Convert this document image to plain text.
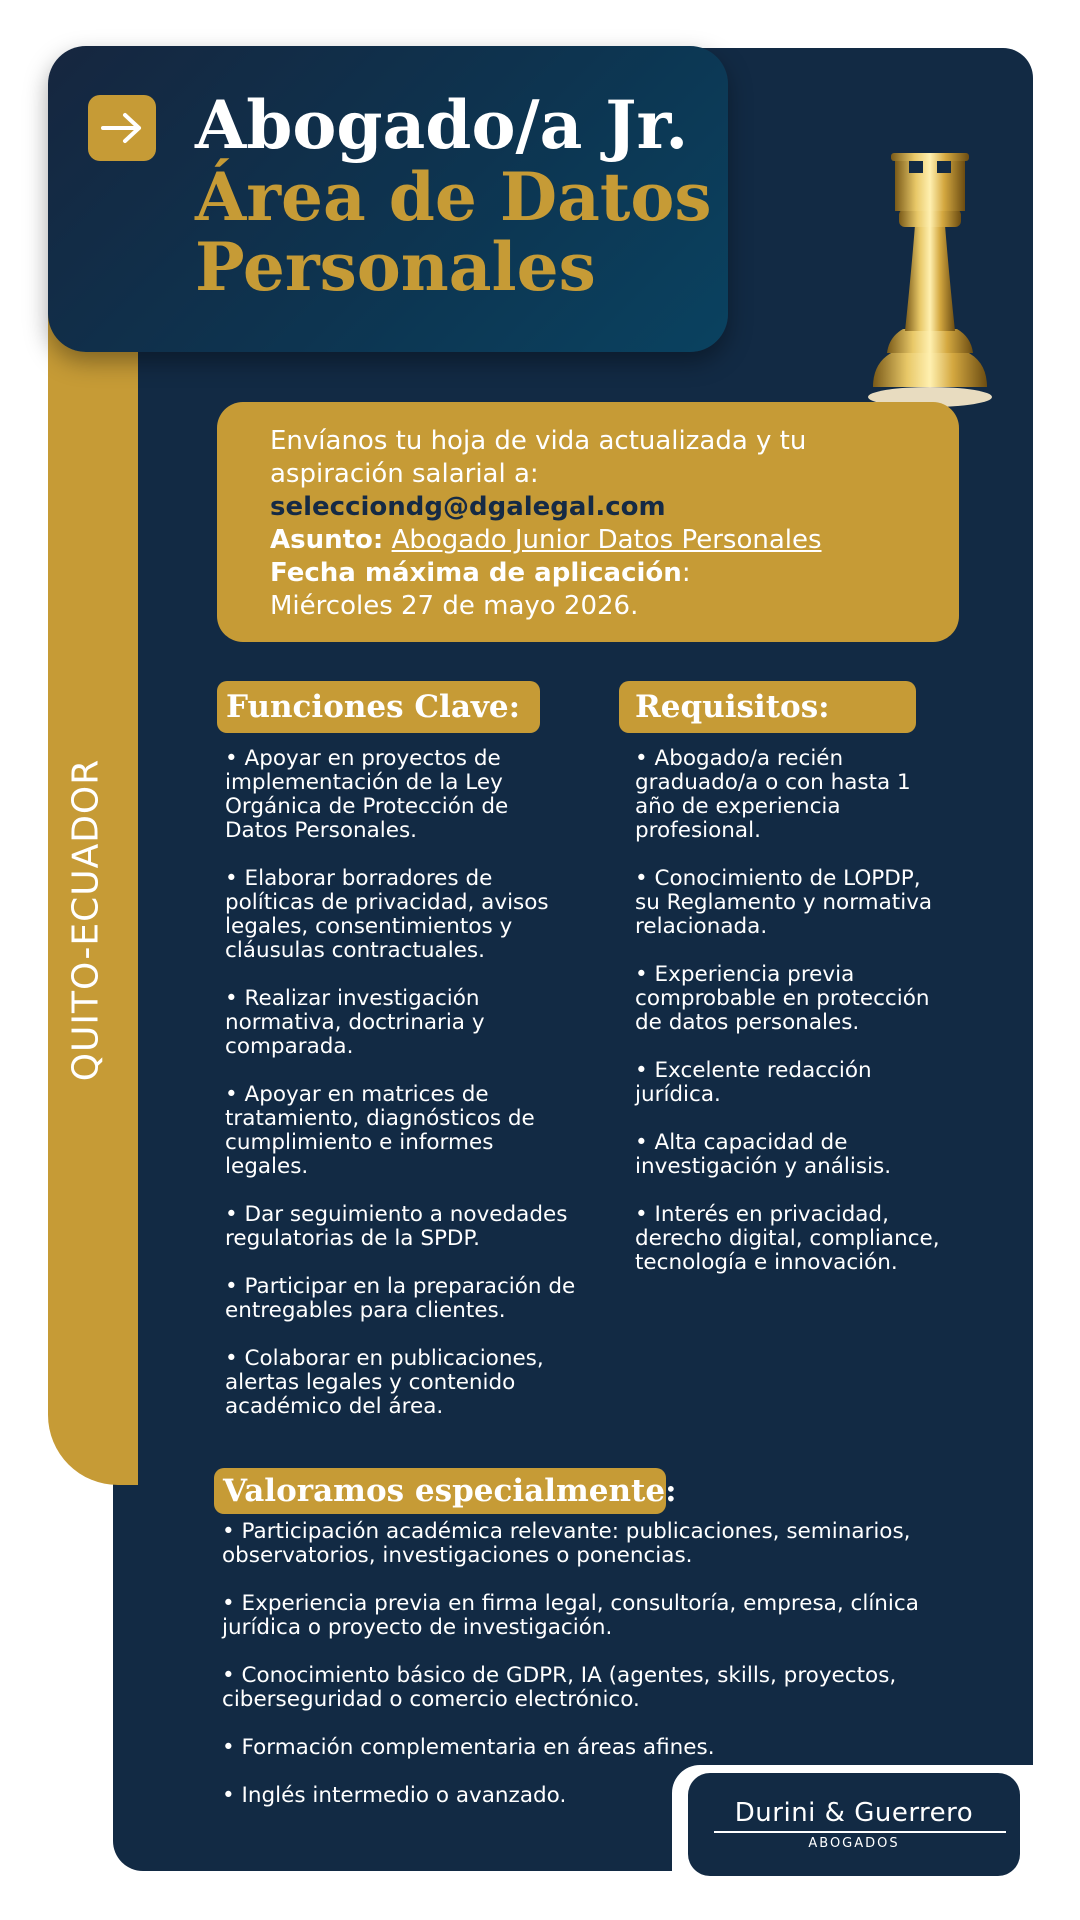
QUITO-ECUADOR
Abogado/a Jr.
Área de Datos
Personales
Envíanos tu hoja de vida actualizada y tu
aspiración salarial a:
selecciondg@dgalegal.com
Asunto: Abogado Junior Datos Personales
Fecha máxima de aplicación:
Miércoles 27 de mayo 2026.
Funciones Clave:	Requisitos:
Valoramos especialmente:
• Apoyar en proyectos de
implementación de la Ley
Orgánica de Protección de
Datos Personales.
• Elaborar borradores de
políticas de privacidad, avisos
legales, consentimientos y
cláusulas contractuales.
• Realizar investigación
normativa, doctrinaria y
comparada.
• Apoyar en matrices de
tratamiento, diagnósticos de
cumplimiento e informes
legales.
• Dar seguimiento a novedades
regulatorias de la SPDP.
• Participar en la preparación de
entregables para clientes.
• Colaborar en publicaciones,
alertas legales y contenido
académico del área.
• Abogado/a recién
graduado/a o con hasta 1
año de experiencia
profesional.
• Conocimiento de LOPDP,
su Reglamento y normativa
relacionada.
• Experiencia previa
comprobable en protección
de datos personales.
• Excelente redacción
jurídica.
• Alta capacidad de
investigación y análisis.
• Interés en privacidad,
derecho digital, compliance,
tecnología e innovación.
• Participación académica relevante: publicaciones, seminarios,
observatorios, investigaciones o ponencias.
• Experiencia previa en firma legal, consultoría, empresa, clínica
jurídica o proyecto de investigación.
• Conocimiento básico de GDPR, IA (agentes, skills, proyectos,
ciberseguridad o comercio electrónico.
• Formación complementaria en áreas afines.
• Inglés intermedio o avanzado.
Durini & Guerrero
ABOGADOS
